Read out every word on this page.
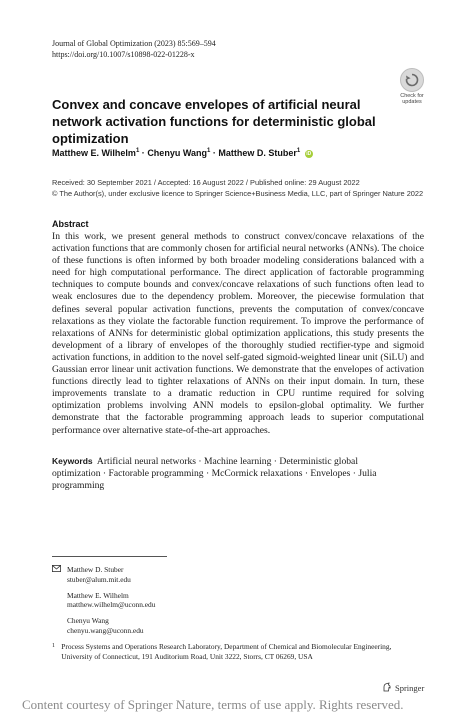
Journal of Global Optimization (2023) 85:569–594
https://doi.org/10.1007/s10898-022-01228-x
Check for
updates
Convex and concave envelopes of artificial neural network activation functions for deterministic global optimization
Matthew E. Wilhelm$^1$ · Chenyu Wang$^1$ · Matthew D. Stuber$^1$ iD
Received: 30 September 2021 / Accepted: 16 August 2022 / Published online: 29 August 2022
© The Author(s), under exclusive licence to Springer Science+Business Media, LLC, part of Springer Nature 2022
Abstract
In this work, we present general methods to construct convex/concave relaxations of the activation functions that are commonly chosen for artificial neural networks (ANNs). The choice of these functions is often informed by both broader modeling considerations balanced with a need for high computational performance. The direct application of factorable programming techniques to compute bounds and convex/concave relaxations of such functions often lead to weak enclosures due to the dependency problem. Moreover, the piecewise formulation that defines several popular activation functions, prevents the computation of convex/concave relaxations as they violate the factorable function requirement. To improve the performance of relaxations of ANNs for deterministic global optimization applications, this study presents the development of a library of envelopes of the thoroughly studied rectifier-type and sigmoid activation functions, in addition to the novel self-gated sigmoid-weighted linear unit (SiLU) and Gaussian error linear unit activation functions. We demonstrate that the envelopes of activation functions directly lead to tighter relaxations of ANNs on their input domain. In turn, these improvements translate to a dramatic reduction in CPU runtime required for solving optimization problems involving ANN models to epsilon-global optimality. We further demonstrate that the factorable programming approach leads to superior computational performance over alternative state-of-the-art approaches.
Keywords Artificial neural networks · Machine learning · Deterministic global optimization · Factorable programming · McCormick relaxations · Envelopes · Julia programming
Matthew D. Stuber
stuber@alum.mit.edu
Matthew E. Wilhelm
matthew.wilhelm@uconn.edu
Chenyu Wang
chenyu.wang@uconn.edu
1 Process Systems and Operations Research Laboratory, Department of Chemical and Biomolecular Engineering, University of Connecticut, 191 Auditorium Road, Unit 3222, Storrs, CT 06269, USA
Springer
Content courtesy of Springer Nature, terms of use apply. Rights reserved.
